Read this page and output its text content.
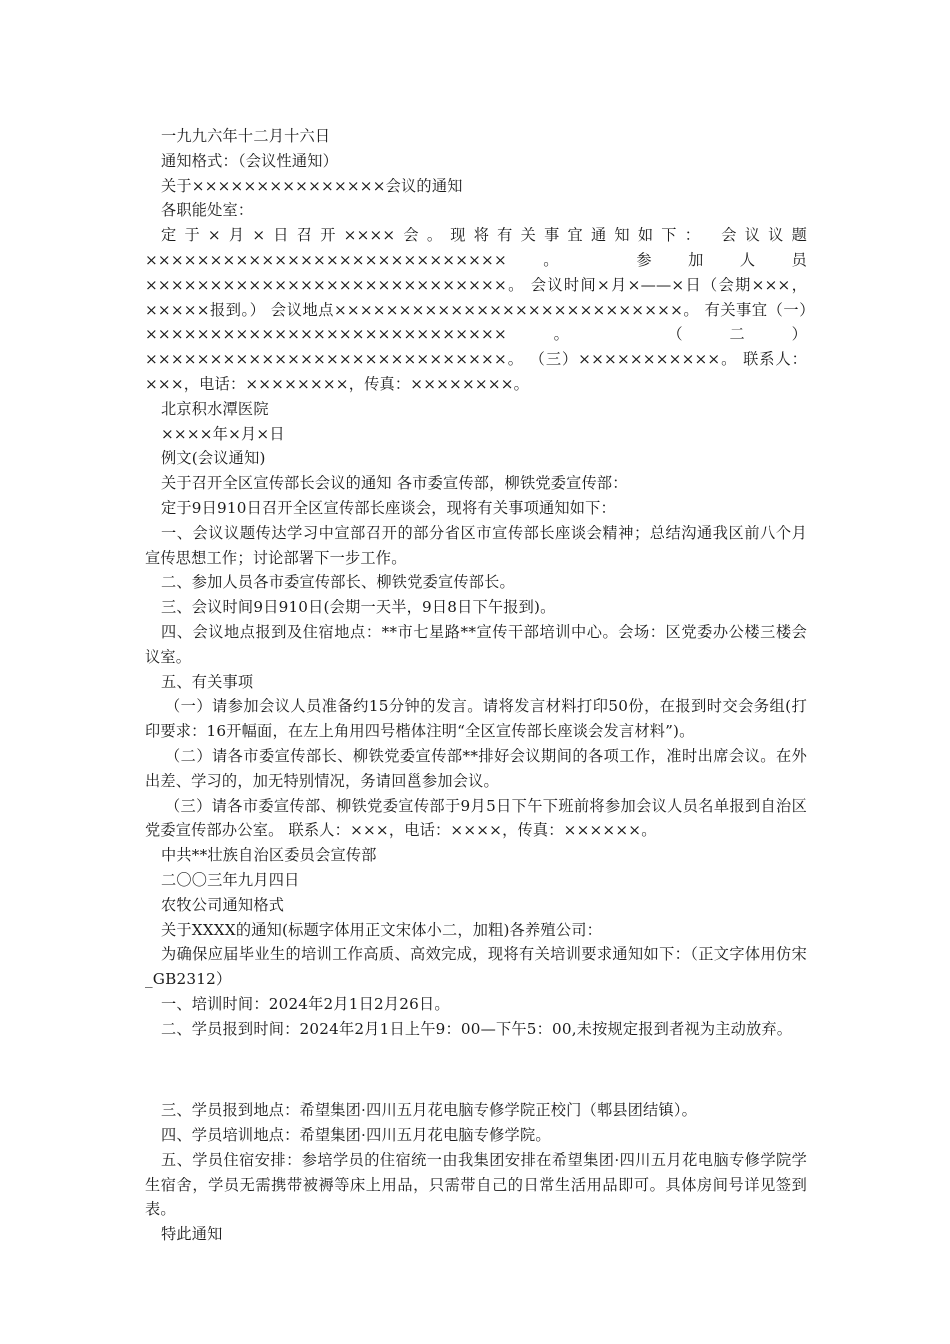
一九九六年十二月十六日

通知格式：（会议性通知）

关于×××××××××××××××会议的通知

各职能处室：

定于×月×日召开××××会。现将有关事宜通知如下： 会议议题××××××××××××××××××××××××××××。 参加人员××××××××××××××××××××××××××××。 会议时间×月×——×日（会期×××，×××××报到。） 会议地点×××××××××××××××××××××××××××。 有关事宜（一）××××××××××××××××××××××××××××。 （二）××××××××××××××××××××××××××××。 （三）×××××××××××。 联系人：×××，电话：××××××××，传真：××××××××。

北京积水潭医院

××××年×月×日

例文(会议通知)

关于召开全区宣传部长会议的通知 各市委宣传部，柳铁党委宣传部：

定于9日910日召开全区宣传部长座谈会，现将有关事项通知如下：

一、会议议题传达学习中宣部召开的部分省区市宣传部长座谈会精神；总结沟通我区前八个月宣传思想工作；讨论部署下一步工作。

二、参加人员各市委宣传部长、柳铁党委宣传部长。

三、会议时间9日910日(会期一天半，9日8日下午报到)。

四、会议地点报到及住宿地点：**市七星路**宣传干部培训中心。会场：区党委办公楼三楼会议室。

五、有关事项

（一）请参加会议人员准备约15分钟的发言。请将发言材料打印50份，在报到时交会务组(打印要求：16开幅面，在左上角用四号楷体注明“全区宣传部长座谈会发言材料”)。

（二）请各市委宣传部长、柳铁党委宣传部**排好会议期间的各项工作，准时出席会议。在外出差、学习的，加无特别情况，务请回邕参加会议。

（三）请各市委宣传部、柳铁党委宣传部于9月5日下午下班前将参加会议人员名单报到自治区党委宣传部办公室。 联系人：×××，电话：××××，传真：××××××。

中共**壮族自治区委员会宣传部

二〇〇三年九月四日

农牧公司通知格式

关于XXXX的通知(标题字体用正文宋体小二，加粗)各养殖公司：

为确保应届毕业生的培训工作高质、高效完成，现将有关培训要求通知如下：（正文字体用仿宋_GB2312）

一、培训时间：2024年2月1日2月26日。

二、学员报到时间：2024年2月1日上午9：00—下午5：00,未按规定报到者视为主动放弃。

三、学员报到地点：希望集团·四川五月花电脑专修学院正校门（郫县团结镇）。

四、学员培训地点：希望集团·四川五月花电脑专修学院。

五、学员住宿安排：参培学员的住宿统一由我集团安排在希望集团·四川五月花电脑专修学院学生宿舍，学员无需携带被褥等床上用品，只需带自己的日常生活用品即可。具体房间号详见签到表。

特此通知
